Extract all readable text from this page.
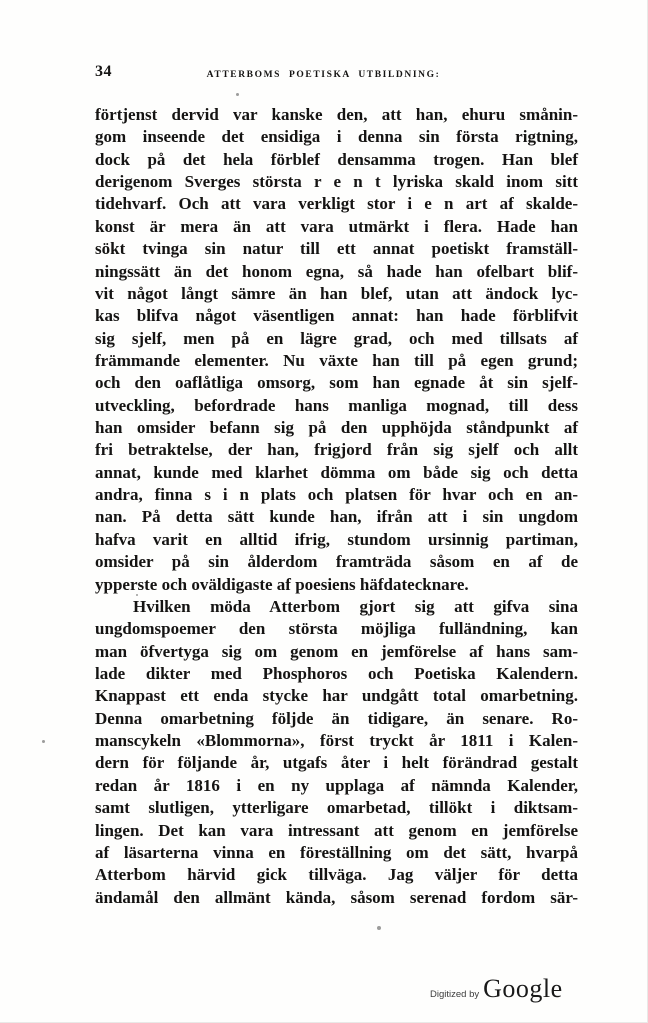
34	ATTERBOMS POETISKA UTBILDNING:
förtjenst dervid var kanske den, att han, ehuru smånin-
gom inseende det ensidiga i denna sin första rigtning,
dock på det hela förblef densamma trogen. Han blef
derigenom Sverges största r e n t lyriska skald inom sitt
tidehvarf. Och att vara verkligt stor i e n art af skalde-
konst är mera än att vara utmärkt i flera. Hade han
sökt tvinga sin natur till ett annat poetiskt framställ-
ningssätt än det honom egna, så hade han ofelbart blif-
vit något långt sämre än han blef, utan att ändock lyc-
kas blifva något väsentligen annat: han hade förblifvit
sig sjelf, men på en lägre grad, och med tillsats af
främmande elementer. Nu växte han till på egen grund;
och den oaflåtliga omsorg, som han egnade åt sin sjelf-
utveckling, befordrade hans manliga mognad, till dess
han omsider befann sig på den upphöjda ståndpunkt af
fri betraktelse, der han, frigjord från sig sjelf och allt
annat, kunde med klarhet dömma om både sig och detta
andra, finna s i n plats och platsen för hvar och en an-
nan. På detta sätt kunde han, ifrån att i sin ungdom
hafva varit en alltid ifrig, stundom ursinnig partiman,
omsider på sin ålderdom framträda såsom en af de
ypperste och oväldigaste af poesiens häfdatecknare.
Hvilken möda Atterbom gjort sig att gifva sina
ungdomspoemer den största möjliga fulländning, kan
man öfvertyga sig om genom en jemförelse af hans sam-
lade dikter med Phosphoros och Poetiska Kalendern.
Knappast ett enda stycke har undgått total omarbetning.
Denna omarbetning följde än tidigare, än senare. Ro-
manscykeln «Blommorna», först tryckt år 1811 i Kalen-
dern för följande år, utgafs åter i helt förändrad gestalt
redan år 1816 i en ny upplaga af nämnda Kalender,
samt slutligen, ytterligare omarbetad, tillökt i diktsam-
lingen. Det kan vara intressant att genom en jemförelse
af läsarterna vinna en föreställning om det sätt, hvarpå
Atterbom härvid gick tillväga. Jag väljer för detta
ändamål den allmänt kända, såsom serenad fordom sär-
Digitized by Google
